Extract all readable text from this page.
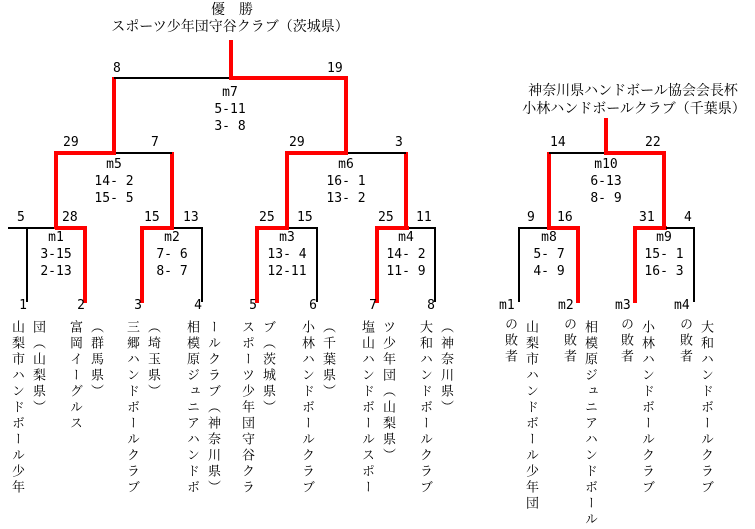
優　勝
スポーツ少年団守谷クラブ（茨城県）
神奈川県ハンドボール協会会長杯
小林ハンドボールクラブ（千葉県）
m7
5-11
3- 8
m5
14- 2
15- 5
m6
16- 1
13- 2
m10
6-13
8- 9
m1
3-15
2-13
m2
7- 6
8- 7
m3
13- 4
12-11
m4
14- 2
11- 9
m8
5- 7
4- 9
m9
15- 1
16- 3
8	19
29	7	29	3	14	22
5	28	15 13	25 15	25 11	9 16	31 4
1	2	3	4	5	6	7	8
山梨市ハンドボール少年 団（山梨県） 富岡イーグルス （群馬県） 三郷ハンドボールクラブ （埼玉県） 相模原ジュニアハンドボ ールクラブ（神奈川県） スポーツ少年団守谷クラ ブ（茨城県） 小林ハンドボールクラブ （千葉県） 塩山ハンドボールスポー ツ少年団（山梨県） 大和ハンドボールクラブ （神奈川県）
m1
の敗者 山梨市ハンドボール少年団
m2
の敗者 相模原ジュニアハンドボール
m3
の敗者 小林ハンドボールクラブ
m4
の敗者 大和ハンドボールクラブ
